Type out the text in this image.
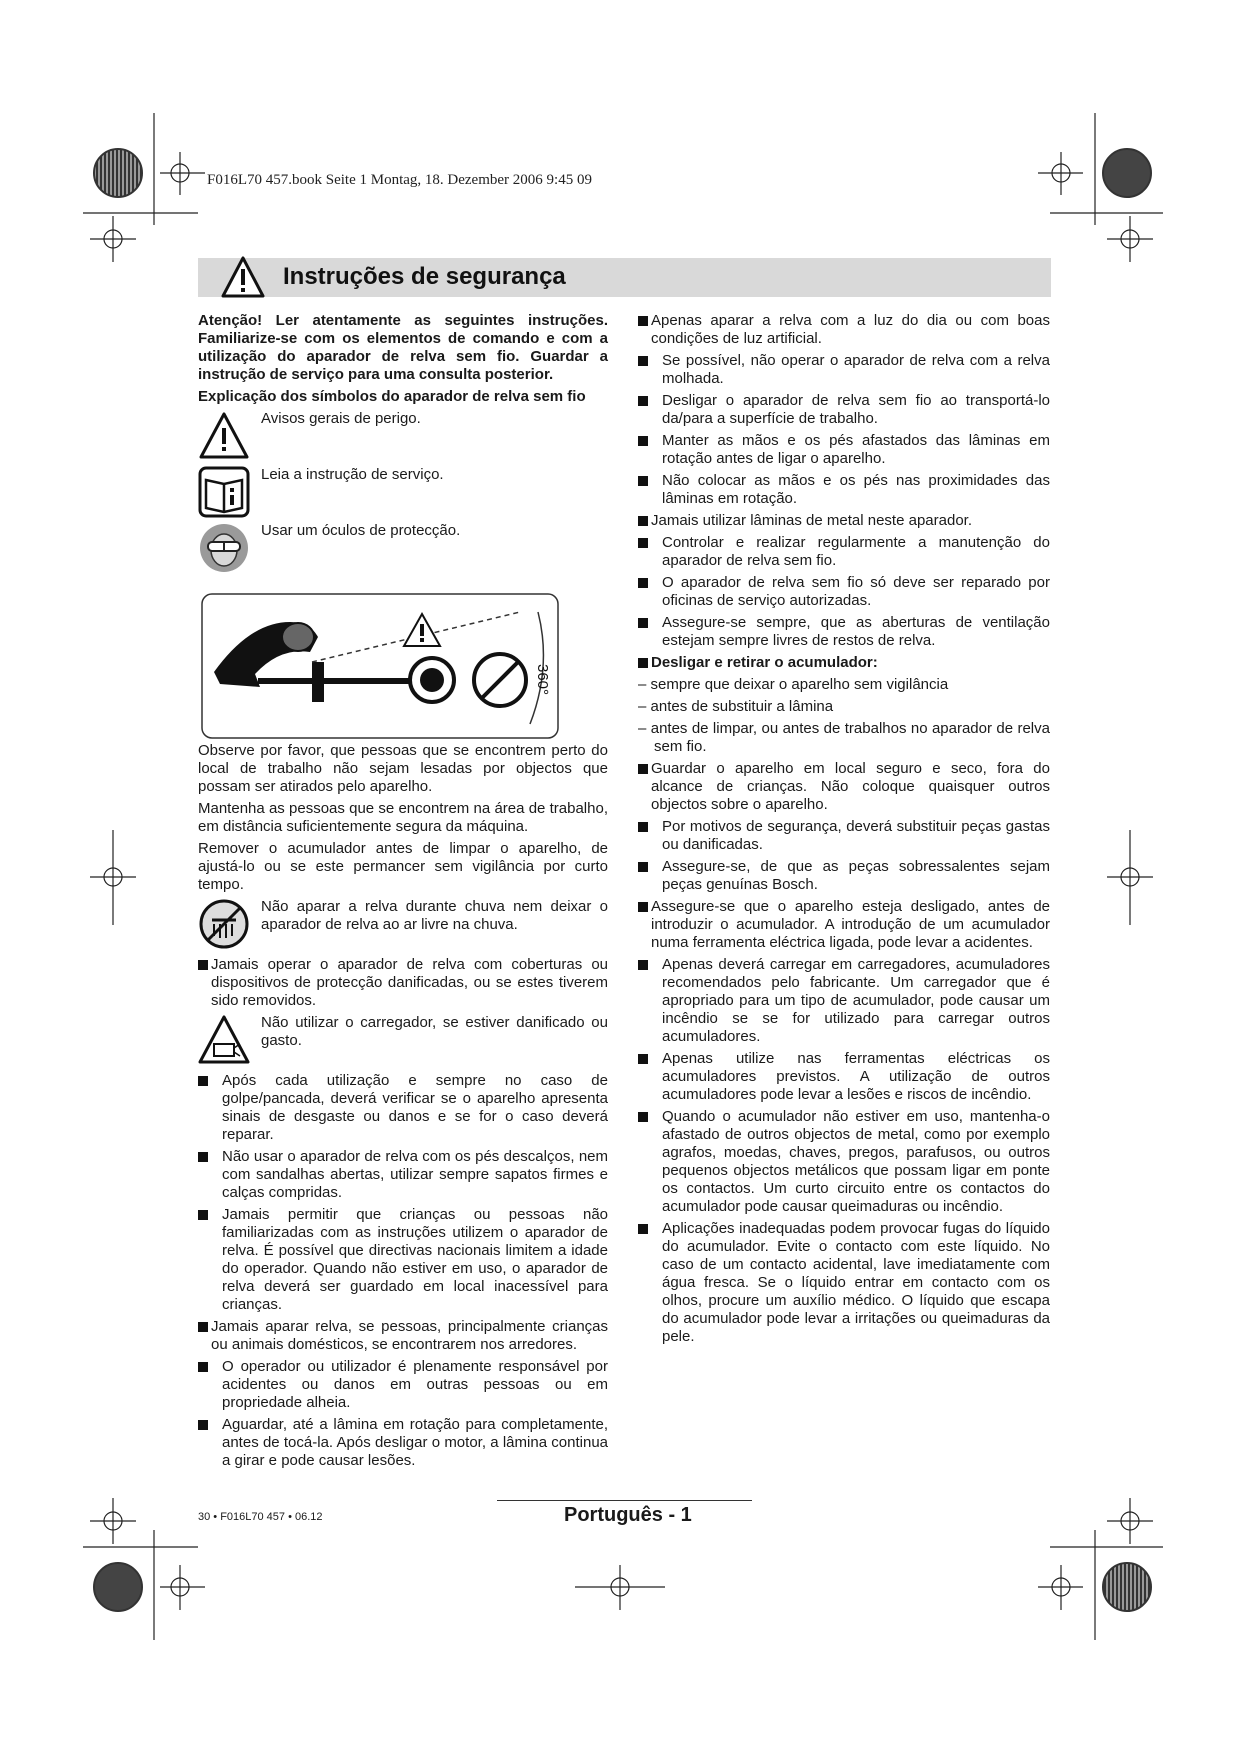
F016L70 457.book Seite 1 Montag, 18. Dezember 2006 9:45 09
Instruções de segurança

Atenção! Ler atentamente as seguintes instruções. Familiarize-se com os elementos de comando e com a utilização do aparador de relva sem fio. Guardar a instrução de serviço para uma consulta posterior.

Explicação dos símbolos do aparador de relva sem fio

Avisos gerais de perigo.
Leia a instrução de serviço.
Usar um óculos de protecção.
360°

Observe por favor, que pessoas que se encontrem perto do local de trabalho não sejam lesadas por objectos que possam ser atirados pelo aparelho.

Mantenha as pessoas que se encontrem na área de trabalho, em distância suficientemente segura da máquina.

Remover o acumulador antes de limpar o aparelho, de ajustá-lo ou se este permancer sem vigilância por curto tempo.

Não aparar a relva durante chuva nem deixar o aparador de relva ao ar livre na chuva.
Jamais operar o aparador de relva com coberturas ou dispositivos de protecção danificadas, ou se estes tiverem sido removidos.
Não utilizar o carregador, se estiver danificado ou gasto.
Após cada utilização e sempre no caso de golpe/pancada, deverá verificar se o aparelho apresenta sinais de desgaste ou danos e se for o caso deverá reparar.
Não usar o aparador de relva com os pés descalços, nem com sandalhas abertas, utilizar sempre sapatos firmes e calças compridas.
Jamais permitir que crianças ou pessoas não familiarizadas com as instruções utilizem o aparador de relva. É possível que directivas nacionais limitem a idade do operador. Quando não estiver em uso, o aparador de relva deverá ser guardado em local inacessível para crianças.
Jamais aparar relva, se pessoas, principalmente crianças ou animais domésticos, se encontrarem nos arredores.
O operador ou utilizador é plenamente responsável por acidentes ou danos em outras pessoas ou em propriedade alheia.
Aguardar, até a lâmina em rotação para completamente, antes de tocá-la. Após desligar o motor, a lâmina continua a girar e pode causar lesões.
Apenas aparar a relva com a luz do dia ou com boas condições de luz artificial.
Se possível, não operar o aparador de relva com a relva molhada.
Desligar o aparador de relva sem fio ao transportá-lo da/para a superfície de trabalho.
Manter as mãos e os pés afastados das lâminas em rotação antes de ligar o aparelho.
Não colocar as mãos e os pés nas proximidades das lâminas em rotação.
Jamais utilizar lâminas de metal neste aparador.
Controlar e realizar regularmente a manutenção do aparador de relva sem fio.
O aparador de relva sem fio só deve ser reparado por oficinas de serviço autorizadas.
Assegure-se sempre, que as aberturas de ventilação estejam sempre livres de restos de relva.
Desligar e retirar o acumulador:

– sempre que deixar o aparelho sem vigilância

– antes de substituir a lâmina

– antes de limpar, ou antes de trabalhos no aparador de relva sem fio.

Guardar o aparelho em local seguro e seco, fora do alcance de crianças. Não coloque quaisquer outros objectos sobre o aparelho.
Por motivos de segurança, deverá substituir peças gastas ou danificadas.
Assegure-se, de que as peças sobressalentes sejam peças genuínas Bosch.
Assegure-se que o aparelho esteja desligado, antes de introduzir o acumulador. A introdução de um acumulador numa ferramenta eléctrica ligada, pode levar a acidentes.
Apenas deverá carregar em carregadores, acumuladores recomendados pelo fabricante. Um carregador que é apropriado para um tipo de acumulador, pode causar um incêndio se se for utilizado para carregar outros acumuladores.
Apenas utilize nas ferramentas eléctricas os acumuladores previstos. A utilização de outros acumuladores pode levar a lesões e riscos de incêndio.
Quando o acumulador não estiver em uso, mantenha-o afastado de outros objectos de metal, como por exemplo agrafos, moedas, chaves, pregos, parafusos, ou outros pequenos objectos metálicos que possam ligar em ponte os contactos. Um curto circuito entre os contactos do acumulador pode causar queimaduras ou incêndio.
Aplicações inadequadas podem provocar fugas do líquido do acumulador. Evite o contacto com este líquido. No caso de um contacto acidental, lave imediatamente com água fresca. Se o líquido entrar em contacto com os olhos, procure um auxílio médico. O líquido que escapa do acumulador pode levar a irritações ou queimaduras da pele.
30 • F016L70 457 • 06.12	Português - 1
